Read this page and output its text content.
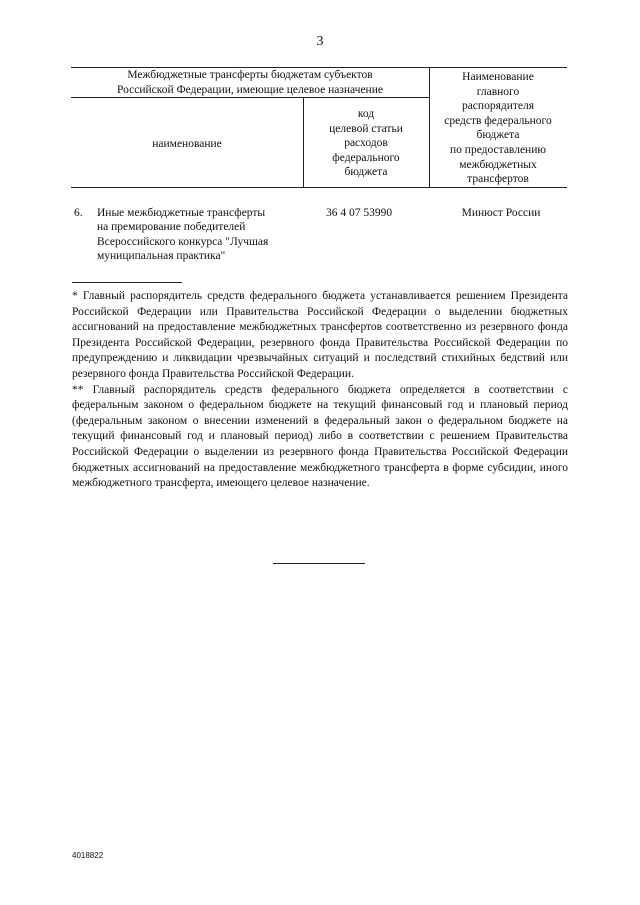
3
Межбюджетные трансферты бюджетам субъектов
Российской Федерации, имеющие целевое назначение
наименование
код
целевой статьи
расходов
федерального
бюджета
Наименование
главного
распорядителя
средств федерального
бюджета
по предоставлению
межбюджетных
трансфертов
6. Иные межбюджетные трансферты
на премирование победителей
Всероссийского конкурса "Лучшая
муниципальная практика"
36 4 07 53990	Минюст России

* Главный распорядитель средств федерального бюджета устанавливается решением Президента Российской Федерации или Правительства Российской Федерации о выделении бюджетных ассигнований на предоставление межбюджетных трансфертов соответственно из резервного фонда Президента Российской Федерации, резервного фонда Правительства Российской Федерации по предупреждению и ликвидации чрезвычайных ситуаций и последствий стихийных бедствий или резервного фонда Правительства Российской Федерации.

** Главный распорядитель средств федерального бюджета определяется в соответствии с федеральным законом о федеральном бюджете на текущий финансовый год и плановый период (федеральным законом о внесении изменений в федеральный закон о федеральном бюджете на текущий финансовый год и плановый период) либо в соответствии с решением Правительства Российской Федерации о выделении из резервного фонда Правительства Российской Федерации бюджетных ассигнований на предоставление межбюджетного трансферта в форме субсидии, иного межбюджетного трансферта, имеющего целевое назначение.

4018822
